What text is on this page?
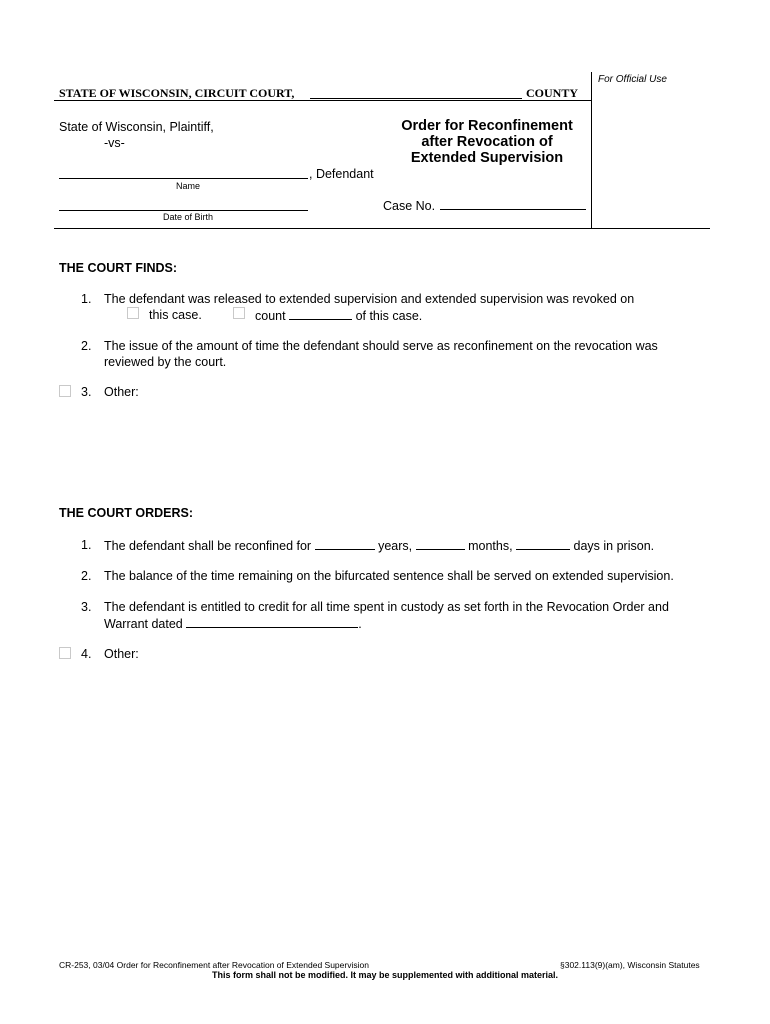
For Official Use
STATE OF WISCONSIN, CIRCUIT COURT,	COUNTY
State of Wisconsin, Plaintiff,
-vs-
, Defendant
Name
Date of Birth
Order for Reconfinement
after Revocation of
Extended Supervision
Case No.
THE COURT FINDS:
1. The defendant was released to extended supervision and extended supervision was revoked on
this case.	count	of this case.
2. The issue of the amount of time the defendant should serve as reconfinement on the revocation was
reviewed by the court.
3. Other:
THE COURT ORDERS:
1. The defendant shall be reconfined for	years,	months,	days in prison.
2. The balance of the time remaining on the bifurcated sentence shall be served on extended supervision.
3. The defendant is entitled to credit for all time spent in custody as set forth in the Revocation Order and
Warrant dated	.
4. Other:
CR-253, 03/04 Order for Reconfinement after Revocation of Extended Supervision	§302.113(9)(am), Wisconsin Statutes
This form shall not be modified. It may be supplemented with additional material.
